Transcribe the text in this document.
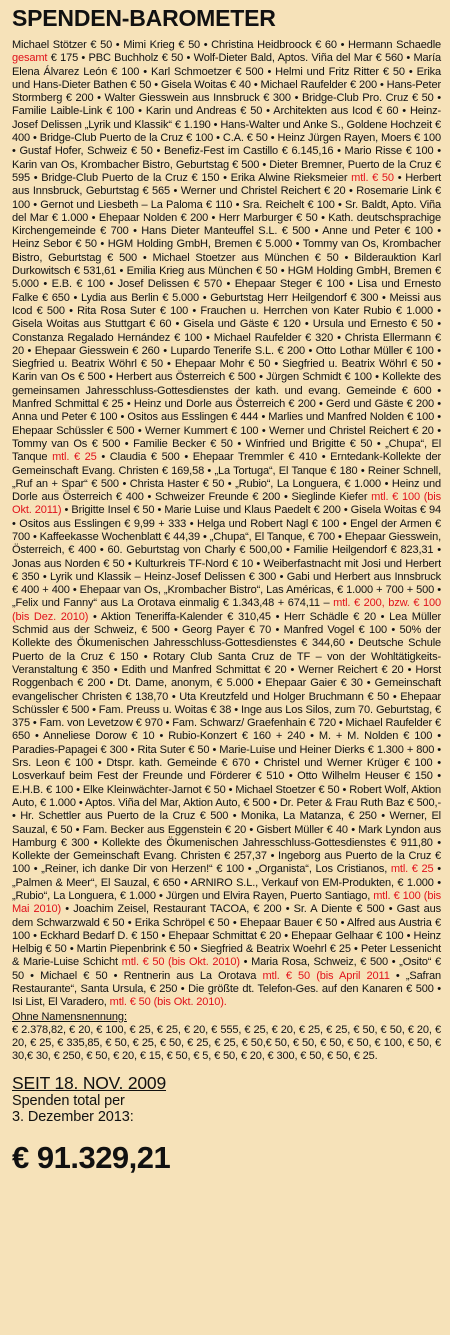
SPENDEN-BAROMETER

Michael Stötzer € 50 • Mimi Krieg € 50 • Christina Heidbroock € 60 • Hermann Schaedle gesamt € 175 • PBC Buchholz € 50 • Wolf-Dieter Bald, Aptos. Viña del Mar € 560 • María Elena Álvarez León € 100 • Karl Schmoetzer € 500 • Helmi und Fritz Ritter € 50 • Erika und Hans-Dieter Bathen € 50 • Gisela Woitas € 40 • Michael Raufelder € 200 • Hans-Peter Stormberg € 200 • Walter Giesswein aus Innsbruck € 300 • Bridge-Club Pro. Cruz € 50 • Familie Laible-Link € 100 • Karin und Andreas € 50 • Architekten aus Icod € 60 • Heinz-Josef Delissen „Lyrik und Klassik“ € 1.190 • Hans-Walter und Anke S., Goldene Hochzeit € 400 • Bridge-Club Puerto de la Cruz € 100 • C.A. € 50 • Heinz Jürgen Rayen, Moers € 100 • Gustaf Hofer, Schweiz € 50 • Benefiz-Fest im Castillo € 6.145,16 • Mario Risse € 100 • Karin van Os, Krombacher Bistro, Geburtstag € 500 • Dieter Bremner, Puerto de la Cruz € 595 • Bridge-Club Puerto de la Cruz € 150 • Erika Alwine Rieksmeier mtl. € 50 • Herbert aus Innsbruck, Geburtstag € 565 • Werner und Christel Reichert € 20 • Rosemarie Link € 100 • Gernot und Liesbeth – La Paloma € 110 • Sra. Reichelt € 100 • Sr. Baldt, Apto. Viña del Mar € 1.000 • Ehepaar Nolden € 200 • Herr Marburger € 50 • Kath. deutschsprachige Kirchengemeinde € 700 • Hans Dieter Manteuffel S.L. € 500 • Anne und Peter € 100 • Heinz Sebor € 50 • HGM Holding GmbH, Bremen € 5.000 • Tommy van Os, Krombacher Bistro, Geburtstag € 500 • Michael Stoetzer aus München € 50 • Bilderauktion Karl Durkowitsch € 531,61 • Emilia Krieg aus München € 50 • HGM Holding GmbH, Bremen € 5.000 • E.B. € 100 • Josef Delissen € 570 • Ehepaar Steger € 100 • Lisa und Ernesto Falke € 650 • Lydia aus Berlin € 5.000 • Geburtstag Herr Heilgendorf € 300 • Meissi aus Icod € 500 • Rita Rosa Suter € 100 • Frauchen u. Herrchen von Kater Rubio € 1.000 • Gisela Woitas aus Stuttgart € 60 • Gisela und Gäste € 120 • Ursula und Ernesto € 50 • Constanza Regalado Hernández € 100 • Michael Raufelder € 320 • Christa Ellermann € 20 • Ehepaar Giesswein € 260 • Lupardo Tenerife S.L. € 200 • Otto Lothar Müller € 100 • Siegfried u. Beatrix Wöhrl € 50 • Ehepaar Mohr € 50 • Siegfried u. Beatrix Wöhrl € 50 • Karin van Os € 500 • Herbert aus Österreich € 500 • Jürgen Schmidt € 100 • Kollekte des gemeinsamen Jahresschluss-Gottesdienstes der kath. und evang. Gemeinde € 600 • Manfred Schmittal € 25 • Heinz und Dorle aus Österreich € 200 • Gerd und Gäste € 200 • Anna und Peter € 100 • Ositos aus Esslingen € 444 • Marlies und Manfred Nolden € 100 • Ehepaar Schüssler € 500 • Werner Kummert € 100 • Werner und Christel Reichert € 20 • Tommy van Os € 500 • Familie Becker € 50 • Winfried und Brigitte € 50 • „Chupa“, El Tanque mtl. € 25 • Claudia € 500 • Ehepaar Tremmler € 410 • Erntedank-Kollekte der Gemeinschaft Evang. Christen € 169,58 • „La Tortuga“, El Tanque € 180 • Reiner Schnell, „Ruf an + Spar“ € 500 • Christa Haster € 50 • „Rubio“, La Longuera, € 1.000 • Heinz und Dorle aus Österreich € 400 • Schweizer Freunde € 200 • Sieglinde Kiefer mtl. € 100 (bis Okt. 2011) • Brigitte Insel € 50 • Marie Luise und Klaus Paedelt € 200 • Gisela Woitas € 94 • Ositos aus Esslingen € 9,99 + 333 • Helga und Robert Nagl € 100 • Engel der Armen € 700 • Kaffeekasse Wochenblatt € 44,39 • „Chupa“, El Tanque, € 700 • Ehepaar Giesswein, Österreich, € 400 • 60. Geburtstag von Charly € 500,00 • Familie Heilgendorf € 823,31 • Jonas aus Norden € 50 • Kulturkreis TF-Nord € 10 • Weiberfastnacht mit Josi und Herbert € 350 • Lyrik und Klassik – Heinz-Josef Delissen € 300 • Gabi und Herbert aus Innsbruck € 400 + 400 • Ehepaar van Os, „Krombacher Bistro“, Las Américas, € 1.000 + 700 + 500 • „Felix und Fanny“ aus La Orotava einmalig € 1.343,48 + 674,11 – mtl. € 200, bzw. € 100 (bis Dez. 2010) • Aktion Teneriffa-Kalender € 310,45 • Herr Schädle € 20 • Lea Müller Schmid aus der Schweiz, € 500 • Georg Payer € 70 • Manfred Vogel € 100 • 50% der Kollekte des Ökumenischen Jahresschluss-Gottesdienstes € 344,60 • Deutsche Schule Puerto de la Cruz € 150 • Rotary Club Santa Cruz de TF – von der Wohltätigkeits-Veranstaltung € 350 • Edith und Manfred Schmittat € 20 • Werner Reichert € 20 • Horst Roggenbach € 200 • Dt. Dame, anonym, € 5.000 • Ehepaar Gaier € 30 • Gemeinschaft evangelischer Christen € 138,70 • Uta Kreutzfeld und Holger Bruchmann € 50 • Ehepaar Schüssler € 500 • Fam. Preuss u. Woitas € 38 • Inge aus Los Silos, zum 70. Geburtstag, € 375 • Fam. von Levetzow € 970 • Fam. Schwarz/ Graefenhain € 720 • Michael Raufelder € 650 • Anneliese Dorow € 10 • Rubio-Konzert € 160 + 240 • M. + M. Nolden € 100 • Paradies-Papagei € 300 • Rita Suter € 50 • Marie-Luise und Heiner Dierks € 1.300 + 800 • Srs. Leon € 100 • Dtspr. kath. Gemeinde € 670 • Christel und Werner Krüger € 100 • Losverkauf beim Fest der Freunde und Förderer € 510 • Otto Wilhelm Heuser € 150 • E.H.B. € 100 • Elke Kleinwächter-Jarnot € 50 • Michael Stoetzer € 50 • Robert Wolf, Aktion Auto, € 1.000 • Aptos. Viña del Mar, Aktion Auto, € 500 • Dr. Peter & Frau Ruth Baz € 500,- • Hr. Schettler aus Puerto de la Cruz € 500 • Monika, La Matanza, € 250 • Werner, El Sauzal, € 50 • Fam. Becker aus Eggenstein € 20 • Gisbert Müller € 40 • Mark Lyndon aus Hamburg € 300 • Kollekte des Ökumenischen Jahresschluss-Gottesdienstes € 911,80 • Kollekte der Gemeinschaft Evang. Christen € 257,37 • Ingeborg aus Puerto de la Cruz € 100 • „Reiner, ich danke Dir von Herzen!“ € 100 • „Organista“, Los Cristianos, mtl. € 25 • „Palmen & Meer“, El Sauzal, € 650 • ARNIRO S.L., Verkauf von EM-Produkten, € 1.000 • „Rubio“, La Longuera, € 1.000 • Jürgen und Elvira Rayen, Puerto Santiago, mtl. € 100 (bis Mai 2010) • Joachim Zeisel, Restaurant TACOA, € 200 • Sr. A Diente € 500 • Gast aus dem Schwarzwald € 50 • Erika Schröpel € 50 • Ehepaar Bauer € 50 • Alfred aus Austria € 100 • Eckhard Bedarf D. € 150 • Ehepaar Schmittat € 20 • Ehepaar Gelhaar € 100 • Heinz Helbig € 50 • Martin Piepenbrink € 50 • Siegfried & Beatrix Woehrl € 25 • Peter Lessenicht & Marie-Luise Schicht mtl. € 50 (bis Okt. 2010) • Maria Rosa, Schweiz, € 500 • „Osito“ € 50 • Michael € 50 • Rentnerin aus La Orotava mtl. € 50 (bis April 2011 • „Safran Restaurante“, Santa Ursula, € 250 • Die größte dt. Telefon-Ges. auf den Kanaren € 500 • Isi List, El Varadero, mtl. € 50 (bis Okt. 2010).

Ohne Namensnennung:

€ 2.378,82, € 20, € 100, € 25, € 25, € 20, € 555, € 25, € 20, € 25, € 25, € 50, € 50, € 20, € 20, € 25, € 335,85, € 50, € 25, € 50, € 25, € 25, € 50,€ 50, € 50, € 50, € 50, € 100, € 50, € 30,€ 30, € 250, € 50, € 20, € 15, € 50, € 5, € 50, € 20, € 300, € 50, € 50, € 25.

SEIT 18. NOV. 2009
Spenden total per
3. Dezember 2013:
€ 91.329,21
